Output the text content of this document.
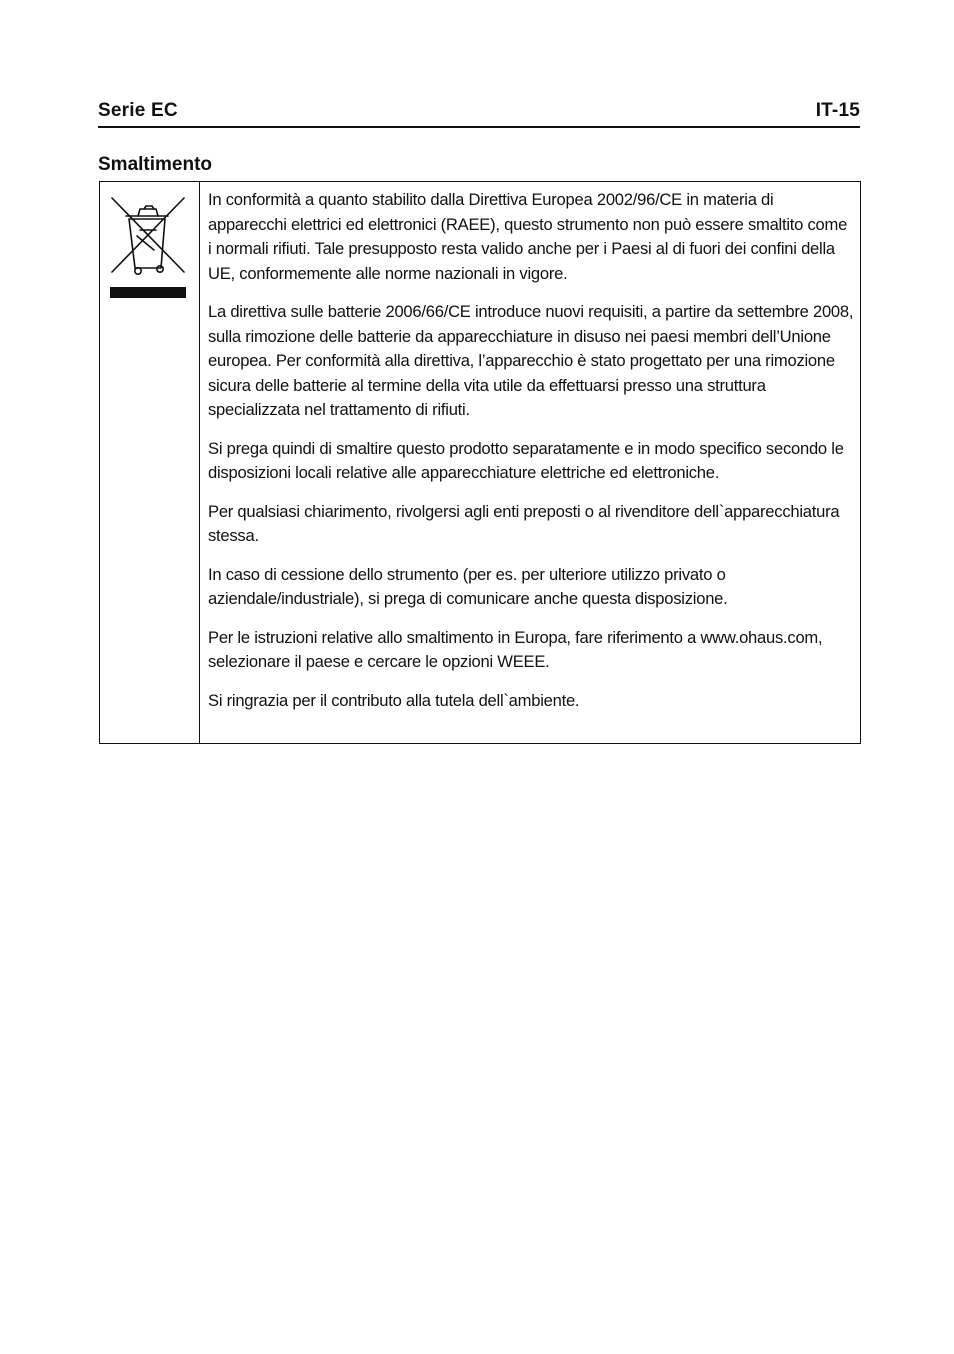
Serie EC	IT-15
Smaltimento

In conformità a quanto stabilito dalla Direttiva Europea 2002/96/CE in materia di apparecchi elettrici ed elettronici (RAEE), questo strumento non può essere smaltito come i normali rifiuti. Tale presupposto resta valido anche per i Paesi al di fuori dei confini della UE, conformemente alle norme nazionali in vigore.

La direttiva sulle batterie 2006/66/CE introduce nuovi requisiti, a partire da settembre 2008, sulla rimozione delle batterie da apparecchiature in disuso nei paesi membri dell’Unione europea. Per conformità alla direttiva, l’apparecchio è stato progettato per una rimozione sicura delle batterie al termine della vita utile da effettuarsi presso una struttura specializzata nel trattamento di rifiuti.

Si prega quindi di smaltire questo prodotto separatamente e in modo specifico secondo le disposizioni locali relative alle apparecchiature elettriche ed elettroniche.

Per qualsiasi chiarimento, rivolgersi agli enti preposti o al rivenditore dell`apparecchiatura stessa.

In caso di cessione dello strumento (per es. per ulteriore utilizzo privato o aziendale/industriale), si prega di comunicare anche questa disposizione.

Per le istruzioni relative allo smaltimento in Europa, fare riferimento a www.ohaus.com, selezionare il paese e cercare le opzioni WEEE.

Si ringrazia per il contributo alla tutela dell`ambiente.
